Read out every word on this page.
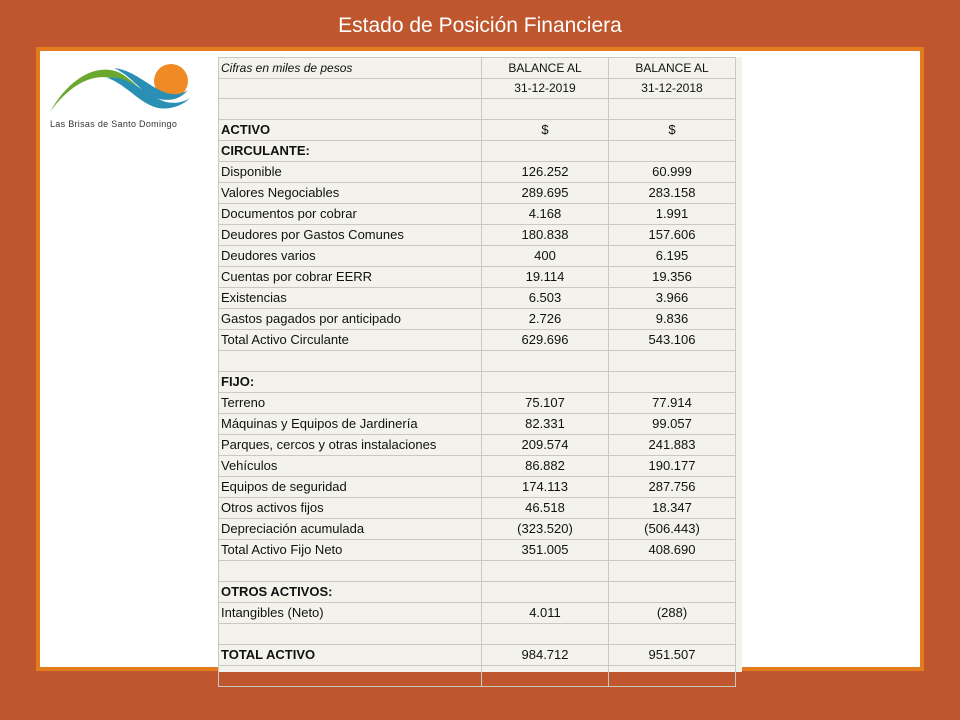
Estado de Posición Financiera
Las Brisas de Santo Domingo
Cifras en miles de pesos	BALANCE AL	BALANCE AL
	31-12-2019	31-12-2018

ACTIVO	$	$
CIRCULANTE:		
Disponible	126.252	60.999
Valores Negociables	289.695	283.158
Documentos por cobrar	4.168	1.991
Deudores por Gastos Comunes	180.838	157.606
Deudores varios	400	6.195
Cuentas por cobrar EERR	19.114	19.356
Existencias	6.503	3.966
Gastos pagados por anticipado	2.726	9.836
Total Activo Circulante	629.696	543.106

FIJO:		
Terreno	75.107	77.914
Máquinas y Equipos de Jardinería	82.331	99.057
Parques, cercos y otras instalaciones	209.574	241.883
Vehículos	86.882	190.177
Equipos de seguridad	174.113	287.756
Otros activos fijos	46.518	18.347
Depreciación acumulada	(323.520)	(506.443)
Total Activo Fijo Neto	351.005	408.690

OTROS ACTIVOS:		
Intangibles (Neto)	4.011	(288)

TOTAL ACTIVO	984.712	951.507
